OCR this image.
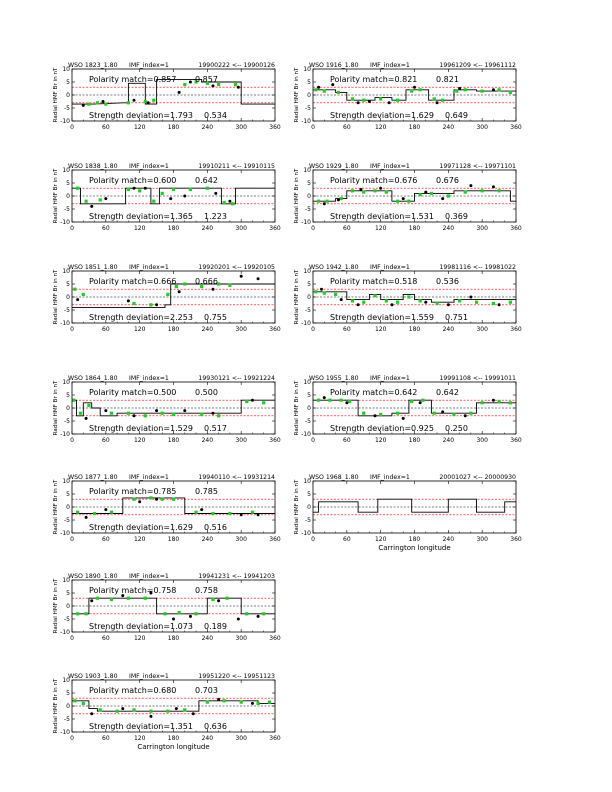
WSO 1823_1.80 IMF_index=1	19900222 <-- 19900126
0	60	120	180	240	300	360
-10
-5
0
5
10
Radial HMF Br in nT	Polarity match=0.857 0.857
Strength deviation=1.793 0.534
WSO 1916_1.80 IMF_index=1	19961209 <-- 19961112
0	60	120	180	240	300	360
-10
-5
0
5
10
Radial HMF Br in nT	Polarity match=0.821 0.821
Strength deviation=1.629 0.649
WSO 1838_1.80 IMF_index=1	19910211 <-- 19910115
0	60	120	180	240	300	360
-10
-5
0
5
10
Radial HMF Br in nT	Polarity match=0.600 0.642
Strength deviation=1.365 1.223
WSO 1929_1.80 IMF_index=1	19971128 <-- 19971101
0	60	120	180	240	300	360
-10
-5
0
5
10
Radial HMF Br in nT	Polarity match=0.676 0.676
Strength deviation=1.531 0.369
WSO 1851_1.80 IMF_index=1	19920201 <-- 19920105
0	60	120	180	240	300	360
-10
-5
0
5
10
Radial HMF Br in nT	Polarity match=0.666 0.666
Strength deviation=2.253 0.755
WSO 1942_1.80 IMF_index=1	19981116 <-- 19981022
0	60	120	180	240	300	360
-10
-5
0
5
10
Radial HMF Br in nT	Polarity match=0.518 0.536
Strength deviation=1.559 0.751
WSO 1864_1.80 IMF_index=1	19930121 <-- 19921224
0	60	120	180	240	300	360
-10
-5
0
5
10
Radial HMF Br in nT	Polarity match=0.500 0.500
Strength deviation=1.529 0.517
WSO 1955_1.80 IMF_index=1	19991108 <-- 19991011
0	60	120	180	240	300	360
-10
-5
0
5
10
Radial HMF Br in nT	Polarity match=0.642 0.642
Strength deviation=0.925 0.250
WSO 1877_1.80 IMF_index=1	19940110 <-- 19931214
0	60	120	180	240	300	360
-10
-5
0
5
10
Radial HMF Br in nT	Polarity match=0.785 0.785
Strength deviation=1.629 0.516
WSO 1968_1.80 IMF_index=1	20001027 <-- 20000930
0	60	120	180	240	300	360
-10
-5
0
5
10
Radial HMF Br in nT
Carrington longitude
WSO 1890_1.80 IMF_index=1	19941231 <-- 19941203
0	60	120	180	240	300	360
-10
-5
0
5
10
Radial HMF Br in nT	Polarity match=0.758 0.758
Strength deviation=1.073 0.189
WSO 1903_1.80 IMF_index=1	19951220 <-- 19951123
0	60	120	180	240	300	360
-10
-5
0
5
10
Radial HMF Br in nT	Polarity match=0.680 0.703
Strength deviation=1.351 0.636
Carrington longitude
